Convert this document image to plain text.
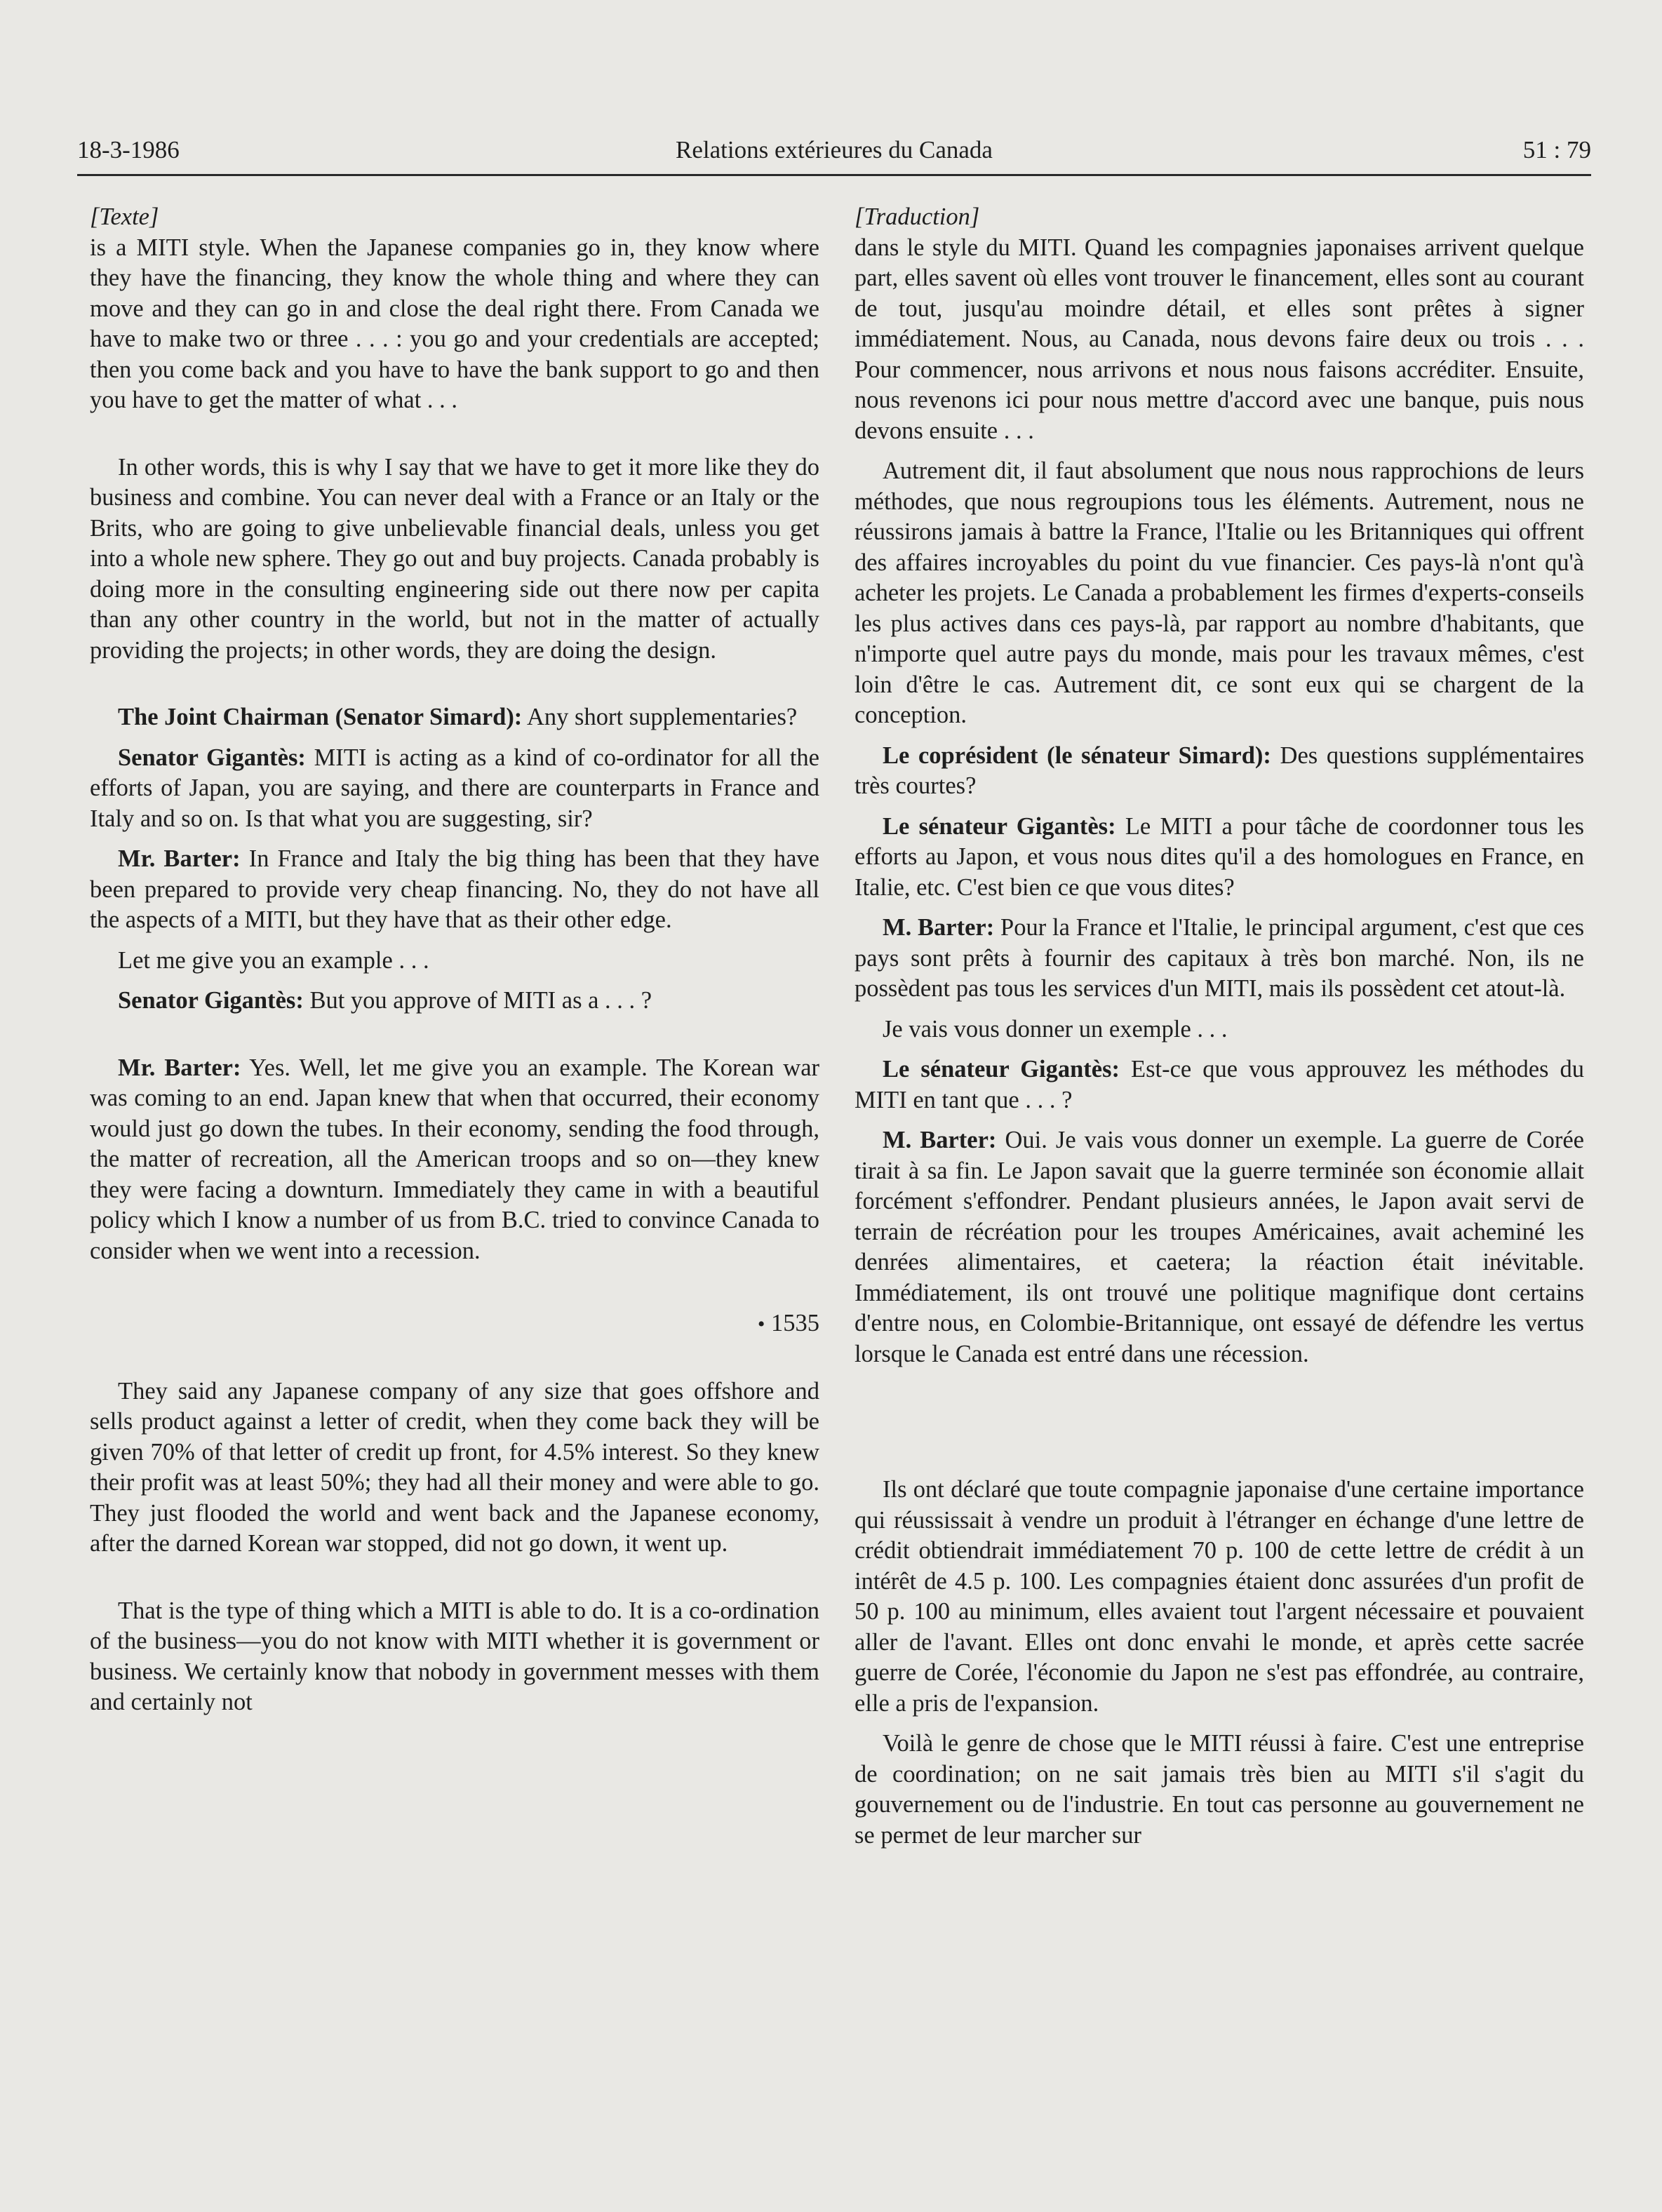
18-3-1986	Relations extérieures du Canada	51 : 79

[Texte]

is a MITI style. When the Japanese companies go in, they know where they have the financing, they know the whole thing and where they can move and they can go in and close the deal right there. From Canada we have to make two or three . . . : you go and your credentials are accepted; then you come back and you have to have the bank support to go and then you have to get the matter of what . . .

In other words, this is why I say that we have to get it more like they do business and combine. You can never deal with a France or an Italy or the Brits, who are going to give unbelievable financial deals, unless you get into a whole new sphere. They go out and buy projects. Canada probably is doing more in the consulting engineering side out there now per capita than any other country in the world, but not in the matter of actually providing the projects; in other words, they are doing the design.

The Joint Chairman (Senator Simard): Any short supplementaries?

Senator Gigantès: MITI is acting as a kind of co-ordinator for all the efforts of Japan, you are saying, and there are counterparts in France and Italy and so on. Is that what you are suggesting, sir?

Mr. Barter: In France and Italy the big thing has been that they have been prepared to provide very cheap financing. No, they do not have all the aspects of a MITI, but they have that as their other edge.

Let me give you an example . . .

Senator Gigantès: But you approve of MITI as a . . . ?

Mr. Barter: Yes. Well, let me give you an example. The Korean war was coming to an end. Japan knew that when that occurred, their economy would just go down the tubes. In their economy, sending the food through, the matter of recreation, all the American troops and so on—they knew they were facing a downturn. Immediately they came in with a beautiful policy which I know a number of us from B.C. tried to convince Canada to consider when we went into a recession.

• 1535

They said any Japanese company of any size that goes offshore and sells product against a letter of credit, when they come back they will be given 70% of that letter of credit up front, for 4.5% interest. So they knew their profit was at least 50%; they had all their money and were able to go. They just flooded the world and went back and the Japanese economy, after the darned Korean war stopped, did not go down, it went up.

That is the type of thing which a MITI is able to do. It is a co-ordination of the business—you do not know with MITI whether it is government or business. We certainly know that nobody in government messes with them and certainly not

[Traduction]

dans le style du MITI. Quand les compagnies japonaises arrivent quelque part, elles savent où elles vont trouver le financement, elles sont au courant de tout, jusqu'au moindre détail, et elles sont prêtes à signer immédiatement. Nous, au Canada, nous devons faire deux ou trois . . . Pour commencer, nous arrivons et nous nous faisons accréditer. Ensuite, nous revenons ici pour nous mettre d'accord avec une banque, puis nous devons ensuite . . .

Autrement dit, il faut absolument que nous nous rapprochions de leurs méthodes, que nous regroupions tous les éléments. Autrement, nous ne réussirons jamais à battre la France, l'Italie ou les Britanniques qui offrent des affaires incroyables du point du vue financier. Ces pays-là n'ont qu'à acheter les projets. Le Canada a probablement les firmes d'experts-conseils les plus actives dans ces pays-là, par rapport au nombre d'habitants, que n'importe quel autre pays du monde, mais pour les travaux mêmes, c'est loin d'être le cas. Autrement dit, ce sont eux qui se chargent de la conception.

Le coprésident (le sénateur Simard): Des questions supplémentaires très courtes?

Le sénateur Gigantès: Le MITI a pour tâche de coordonner tous les efforts au Japon, et vous nous dites qu'il a des homologues en France, en Italie, etc. C'est bien ce que vous dites?

M. Barter: Pour la France et l'Italie, le principal argument, c'est que ces pays sont prêts à fournir des capitaux à très bon marché. Non, ils ne possèdent pas tous les services d'un MITI, mais ils possèdent cet atout-là.

Je vais vous donner un exemple . . .

Le sénateur Gigantès: Est-ce que vous approuvez les méthodes du MITI en tant que . . . ?

M. Barter: Oui. Je vais vous donner un exemple. La guerre de Corée tirait à sa fin. Le Japon savait que la guerre terminée son économie allait forcément s'effondrer. Pendant plusieurs années, le Japon avait servi de terrain de récréation pour les troupes Américaines, avait acheminé les denrées alimentaires, et caetera; la réaction était inévitable. Immédiatement, ils ont trouvé une politique magnifique dont certains d'entre nous, en Colombie-Britannique, ont essayé de défendre les vertus lorsque le Canada est entré dans une récession.

Ils ont déclaré que toute compagnie japonaise d'une certaine importance qui réussissait à vendre un produit à l'étranger en échange d'une lettre de crédit obtiendrait immédiatement 70 p. 100 de cette lettre de crédit à un intérêt de 4.5 p. 100. Les compagnies étaient donc assurées d'un profit de 50 p. 100 au minimum, elles avaient tout l'argent nécessaire et pouvaient aller de l'avant. Elles ont donc envahi le monde, et après cette sacrée guerre de Corée, l'économie du Japon ne s'est pas effondrée, au contraire, elle a pris de l'expansion.

Voilà le genre de chose que le MITI réussi à faire. C'est une entreprise de coordination; on ne sait jamais très bien au MITI s'il s'agit du gouvernement ou de l'industrie. En tout cas personne au gouvernement ne se permet de leur marcher sur
